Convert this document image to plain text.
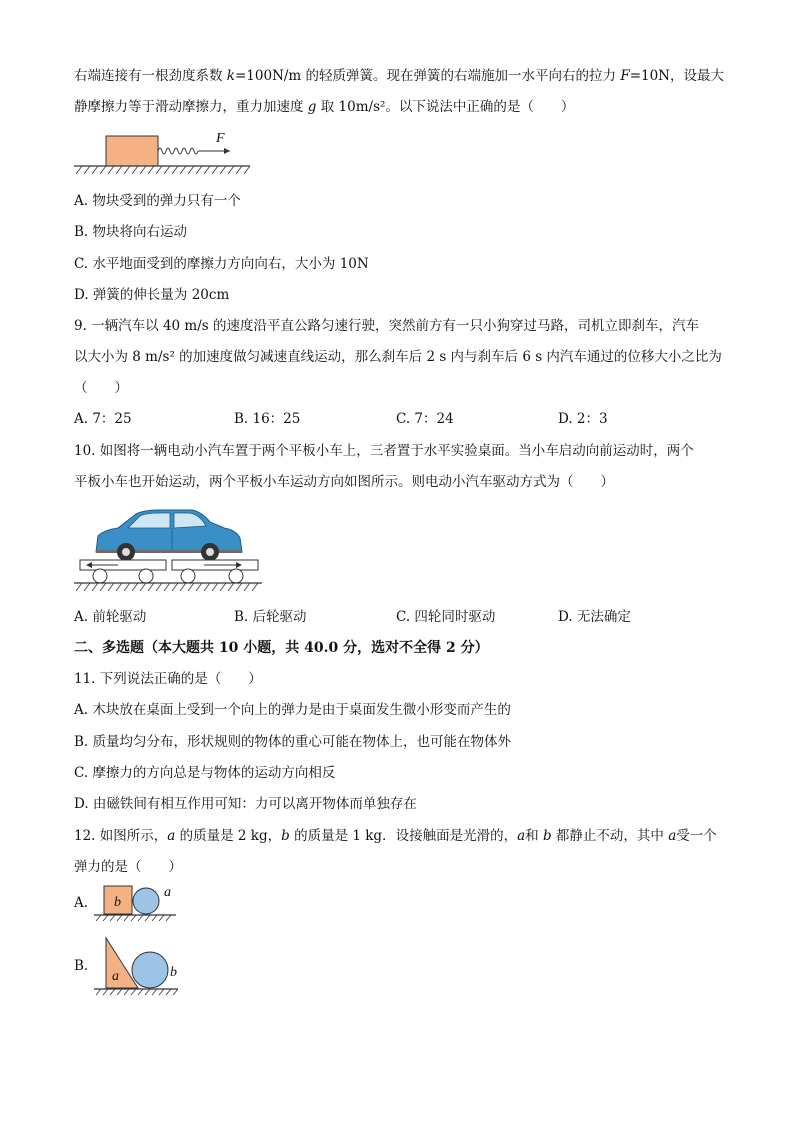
右端连接有一根劲度系数 k=100N/m 的轻质弹簧。现在弹簧的右端施加一水平向右的拉力 F=10N，设最大
静摩擦力等于滑动摩擦力，重力加速度 g 取 10m/s²。以下说法中正确的是（　　）
F
A. 物块受到的弹力只有一个
B. 物块将向右运动
C. 水平地面受到的摩擦力方向向右，大小为 10N
D. 弹簧的伸长量为 20cm
9. 一辆汽车以 40 m/s 的速度沿平直公路匀速行驶，突然前方有一只小狗穿过马路，司机立即刹车，汽车
以大小为 8 m/s² 的加速度做匀减速直线运动，那么刹车后 2 s 内与刹车后 6 s 内汽车通过的位移大小之比为
（　　）
A. 7：25	B. 16：25	C. 7：24	D. 2：3
10. 如图将一辆电动小汽车置于两个平板小车上，三者置于水平实验桌面。当小车启动向前运动时，两个
平板小车也开始运动，两个平板小车运动方向如图所示。则电动小汽车驱动方式为（　　）
A. 前轮驱动	B. 后轮驱动	C. 四轮同时驱动	D. 无法确定
二、多选题（本大题共 10 小题，共 40.0 分，选对不全得 2 分）
11. 下列说法正确的是（　　）
A. 木块放在桌面上受到一个向上的弹力是由于桌面发生微小形变而产生的
B. 质量均匀分布，形状规则的物体的重心可能在物体上，也可能在物体外
C. 摩擦力的方向总是与物体的运动方向相反
D. 由磁铁间有相互作用可知：力可以离开物体而单独存在
12. 如图所示，a 的质量是 2 kg，b 的质量是 1 kg．设接触面是光滑的，a和 b 都静止不动，其中 a受一个
弹力的是（　　）
A. b
a
B.
a	b
